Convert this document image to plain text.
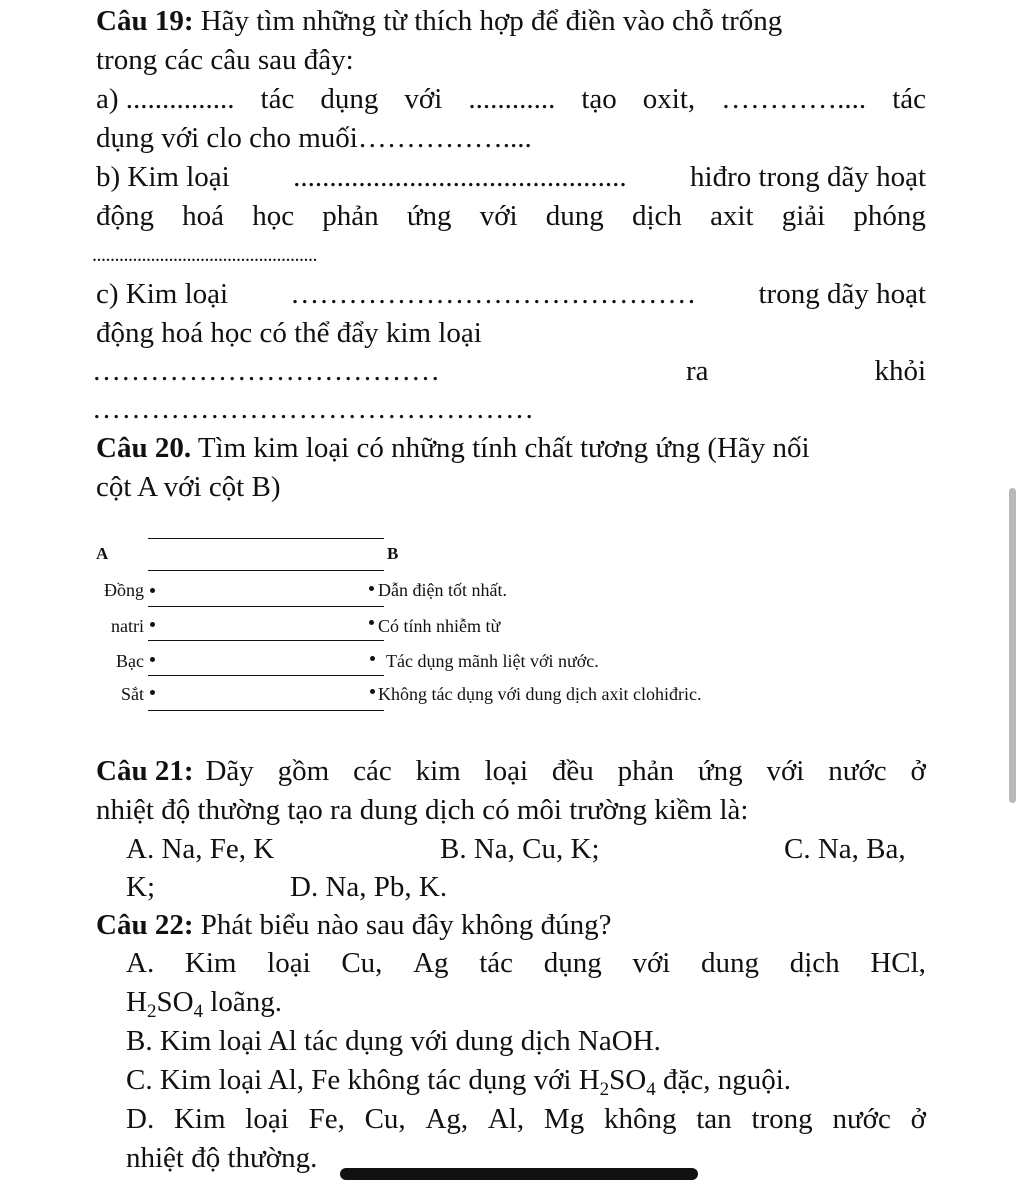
Câu 19: Hãy tìm những từ thích hợp để điền vào chỗ trống
trong các câu sau đây:
a) ............... tác dụng với ............ tạo oxit, ………….... tác
dụng với clo cho muối……………....
b) Kim loại .............................................. hiđro trong dãy hoạt
động hoá học phản ứng với dung dịch axit giải phóng
..................................................
c) Kim loại …………………………………… trong dãy hoạt
động hoá học có thể đẩy kim loại
………………………………	ra	khỏi
………………………………………
Câu 20. Tìm kim loại có những tính chất tương ứng (Hãy nối
cột A với cột B)
A	B
Đồng	Dẫn điện tốt nhất.
natri	Có tính nhiễm từ
Bạc	Tác dụng mãnh liệt với nước.
Sắt	Không tác dụng với dung dịch axit clohiđric.
Câu 21: Dãy gồm các kim loại đều phản ứng với nước ở
nhiệt độ thường tạo ra dung dịch có môi trường kiềm là:
A. Na, Fe, K	B. Na, Cu, K;	C. Na, Ba,
K;	D. Na, Pb, K.
Câu 22: Phát biểu nào sau đây không đúng?
A. Kim loại Cu, Ag tác dụng với dung dịch HCl,
$H_2SO_4$ loãng.
B. Kim loại Al tác dụng với dung dịch NaOH.
C. Kim loại Al, Fe không tác dụng với $H_2SO_4$ đặc, nguội.
D. Kim loại Fe, Cu, Ag, Al, Mg không tan trong nước ở
nhiệt độ thường.
